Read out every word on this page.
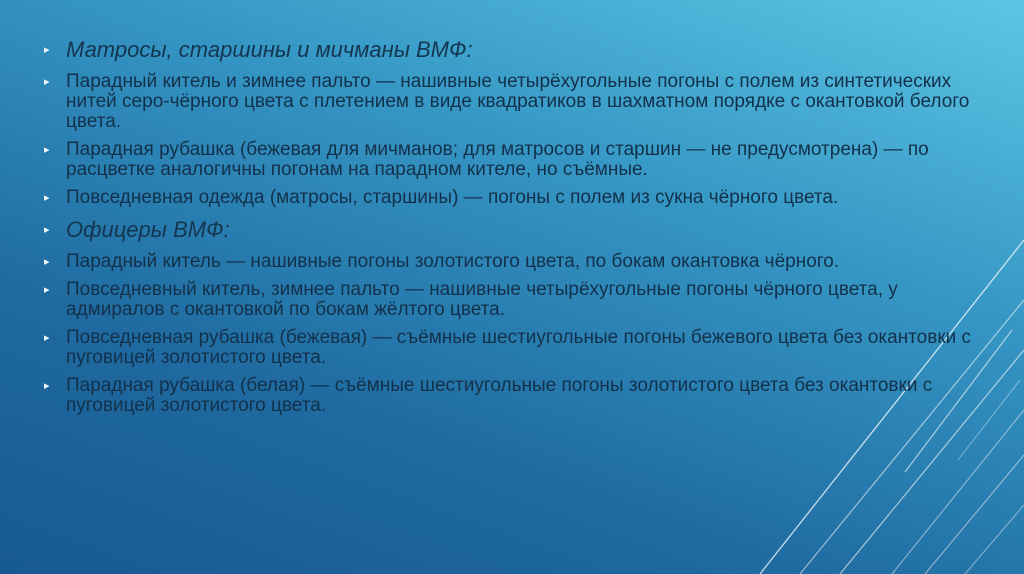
▸ Матросы, старшины и мичманы ВМФ:

▸ Парадный китель и зимнее пальто — нашивные четырёхугольные погоны с полем из синтетических нитей серо-чёрного цвета с плетением в виде квадратиков в шахматном порядке с окантовкой белого цвета.

▸ Парадная рубашка (бежевая для мичманов; для матросов и старшин — не предусмотрена) — по расцветке аналогичны погонам на парадном кителе, но съёмные.

▸ Повседневная одежда (матросы, старшины) — погоны с полем из сукна чёрного цвета.

▸ Офицеры ВМФ:

▸ Парадный китель — нашивные погоны золотистого цвета, по бокам окантовка чёрного.

▸ Повседневный китель, зимнее пальто — нашивные четырёхугольные погоны чёрного цвета, у адмиралов с окантовкой по бокам жёлтого цвета.

▸ Повседневная рубашка (бежевая) — съёмные шестиугольные погоны бежевого цвета без окантовки с пуговицей золотистого цвета.

▸ Парадная рубашка (белая) — съёмные шестиугольные погоны золотистого цвета без окантовки с пуговицей золотистого цвета.
